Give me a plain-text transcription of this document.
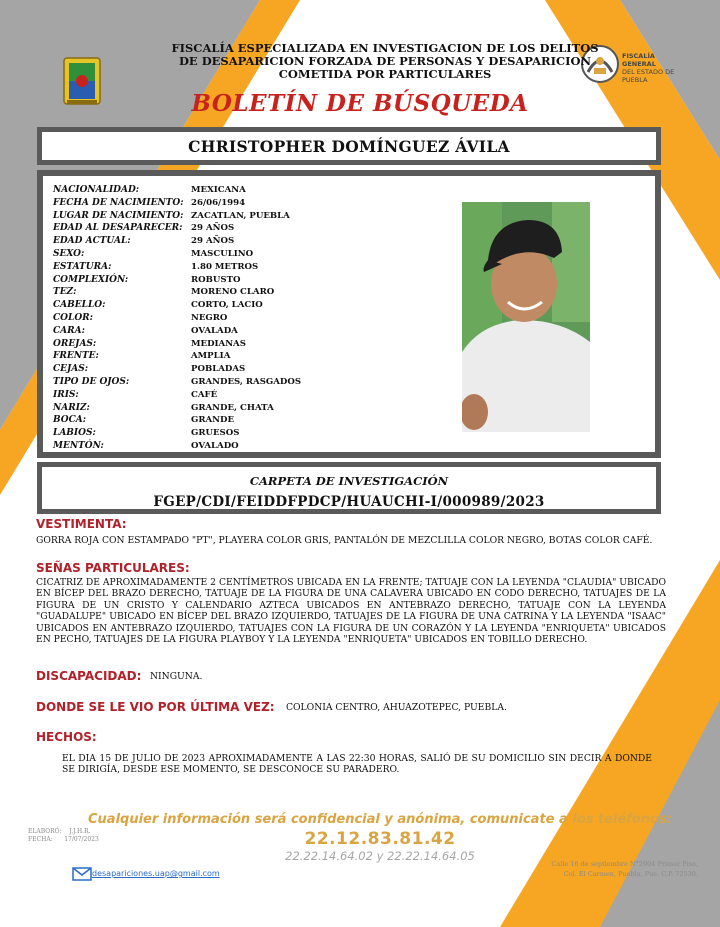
FISCALÍA GENERAL
DEL ESTADO DE
PUEBLA
FISCALÍA ESPECIALIZADA EN INVESTIGACION DE LOS DELITOS
DE DESAPARICION FORZADA DE PERSONAS Y DESAPARICION
COMETIDA POR PARTICULARES
BOLETÍN DE BÚSQUEDA
CHRISTOPHER DOMÍNGUEZ ÁVILA
NACIONALIDAD:	MEXICANA
FECHA DE NACIMIENTO: 26/06/1994
LUGAR DE NACIMIENTO: ZACATLAN, PUEBLA
EDAD AL DESAPARECER: 29 AÑOS
EDAD ACTUAL:	29 AÑOS
SEXO:	MASCULINO
ESTATURA:	1.80 METROS
COMPLEXIÓN:	ROBUSTO
TEZ:	MORENO CLARO
CABELLO:	CORTO, LACIO
COLOR:	NEGRO
CARA:	OVALADA
OREJAS:	MEDIANAS
FRENTE:	AMPLIA
CEJAS:	POBLADAS
TIPO DE OJOS:	GRANDES, RASGADOS
IRIS:	CAFÉ
NARIZ:	GRANDE, CHATA
BOCA:	GRANDE
LABIOS:	GRUESOS
MENTÓN:	OVALADO
CARPETA DE INVESTIGACIÓN
FGEP/CDI/FEIDDFPDCP/HUAUCHI-I/000989/2023
VESTIMENTA:
GORRA ROJA CON ESTAMPADO "PT", PLAYERA COLOR GRIS, PANTALÓN DE MEZCLILLA COLOR NEGRO, BOTAS COLOR CAFÉ.
SEÑAS PARTICULARES:
CICATRIZ DE APROXIMADAMENTE 2 CENTÍMETROS UBICADA EN LA FRENTE; TATUAJE CON LA LEYENDA "CLAUDIA" UBICADO EN BÍCEP DEL BRAZO DERECHO, TATUAJE DE LA FIGURA DE UNA CALAVERA UBICADO EN CODO DERECHO, TATUAJES DE LA FIGURA DE UN CRISTO Y CALENDARIO AZTECA UBICADOS EN ANTEBRAZO DERECHO, TATUAJE CON LA LEYENDA "GUADALUPE" UBICADO EN BÍCEP DEL BRAZO IZQUIERDO, TATUAJES DE LA FIGURA DE UNA CATRINA Y LA LEYENDA "ISAAC" UBICADOS EN ANTEBRAZO IZQUIERDO, TATUAJES CON LA FIGURA DE UN CORAZÓN Y LA LEYENDA "ENRIQUETA" UBICADOS EN PECHO, TATUAJES DE LA FIGURA PLAYBOY Y LA LEYENDA "ENRIQUETA" UBICADOS EN TOBILLO DERECHO.
DISCAPACIDAD: NINGUNA.
DONDE SE LE VIO POR ÚLTIMA VEZ: COLONIA CENTRO, AHUAZOTEPEC, PUEBLA.
HECHOS:
EL DIA 15 DE JULIO DE 2023 APROXIMADAMENTE A LAS 22:30 HORAS, SALIÓ DE SU DOMICILIO SIN DECIR A DONDE SE DIRIGÍA, DESDE ESE MOMENTO, SE DESCONOCE SU PARADERO.
Cualquier información será confidencial y anónima, comunicate a los teléfonos:
22.12.83.81.42
22.22.14.64.02 y 22.22.14.64.05
ELABORÓ: J.J.H.R.
FECHA: 17/07/2023
desapariciones.uap@gmail.com
Calle 16 de septiembre N°2904 Primer Piso,
Col. El Carmen, Puebla, Pue. C.P. 72530.
